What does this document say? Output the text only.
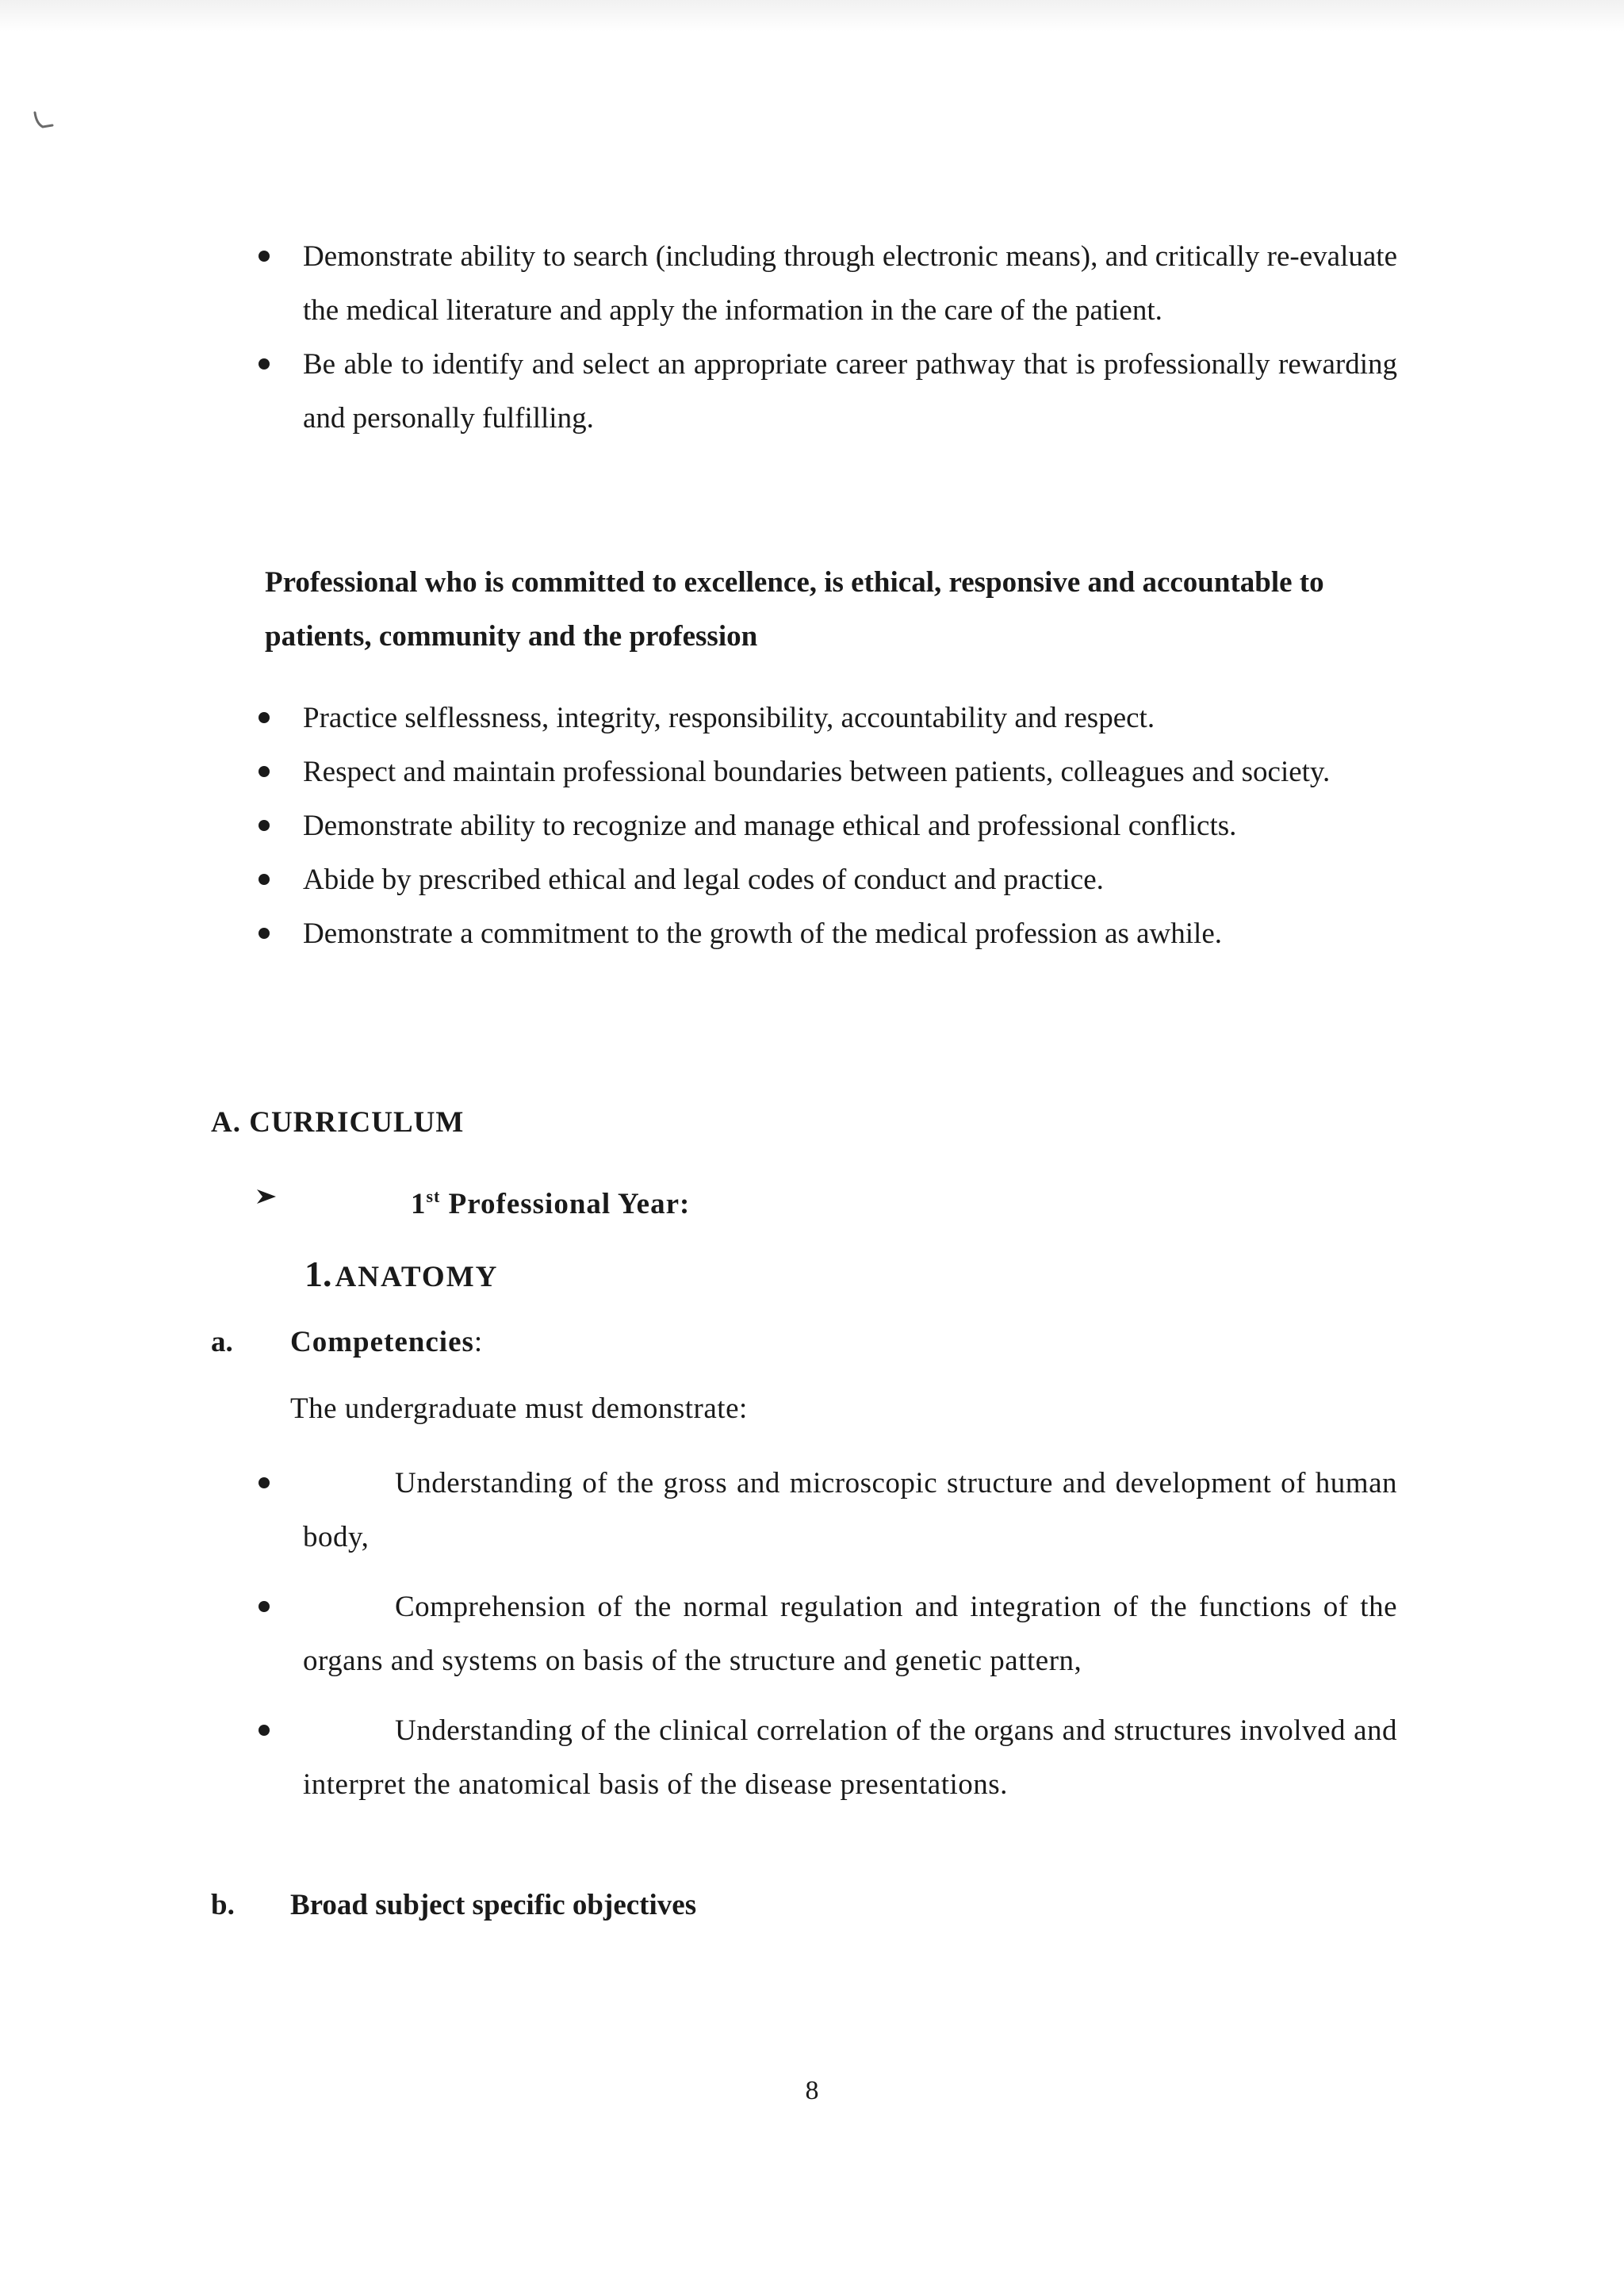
Demonstrate ability to search (including through electronic means), and critically re-evaluate the medical literature and apply the information in the care of the patient.
Be able to identify and select an appropriate career pathway that is professionally rewarding and personally fulfilling.

Professional who is committed to excellence, is ethical, responsive and accountable to patients, community and the profession

Practice selflessness, integrity, responsibility, accountability and respect.
Respect and maintain professional boundaries between patients, colleagues and society.
Demonstrate ability to recognize and manage ethical and professional conflicts.
Abide by prescribed ethical and legal codes of conduct and practice.
Demonstrate a commitment to the growth of the medical profession as awhile.
A. CURRICULUM
1st Professional Year:
1. ANATOMY
a. Competencies:

The undergraduate must demonstrate:

Understanding of the gross and microscopic structure and development of human body,
Comprehension of the normal regulation and integration of the functions of the organs and systems on basis of the structure and genetic pattern,
Understanding of the clinical correlation of the organs and structures involved and interpret the anatomical basis of the disease presentations.
b. Broad subject specific objectives
8
